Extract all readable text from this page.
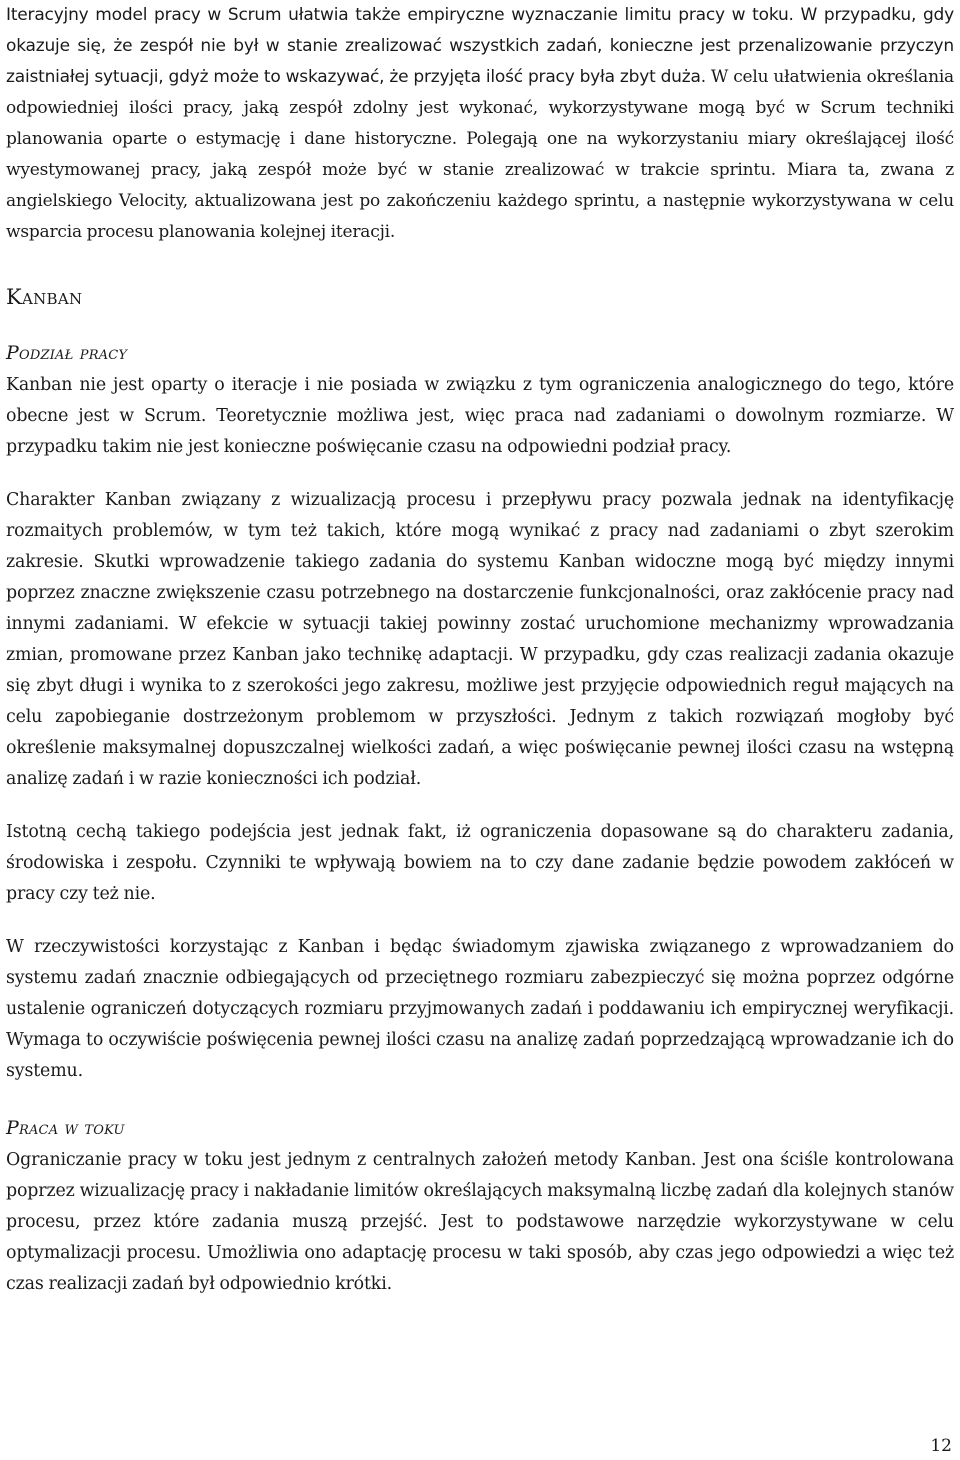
Iteracyjny model pracy w Scrum ułatwia także empiryczne wyznaczanie limitu pracy w toku. W przypadku, gdy okazuje się, że zespół nie był w stanie zrealizować wszystkich zadań, konieczne jest przenalizowanie przyczyn zaistniałej sytuacji, gdyż może to wskazywać, że przyjęta ilość pracy była zbyt duża. W celu ułatwienia określania odpowiedniej ilości pracy, jaką zespół zdolny jest wykonać, wykorzystywane mogą być w Scrum techniki planowania oparte o estymację i dane historyczne. Polegają one na wykorzystaniu miary określającej ilość wyestymowanej pracy, jaką zespół może być w stanie zrealizować w trakcie sprintu. Miara ta, zwana z angielskiego Velocity, aktualizowana jest po zakończeniu każdego sprintu, a następnie wykorzystywana w celu wsparcia procesu planowania kolejnej iteracji.

Kanban
Podział pracy

Kanban nie jest oparty o iteracje i nie posiada w związku z tym ograniczenia analogicznego do tego, które obecne jest w Scrum. Teoretycznie możliwa jest, więc praca nad zadaniami o dowolnym rozmiarze. W przypadku takim nie jest konieczne poświęcanie czasu na odpowiedni podział pracy.

Charakter Kanban związany z wizualizacją procesu i przepływu pracy pozwala jednak na identyfikację rozmaitych problemów, w tym też takich, które mogą wynikać z pracy nad zadaniami o zbyt szerokim zakresie. Skutki wprowadzenie takiego zadania do systemu Kanban widoczne mogą być między innymi poprzez znaczne zwiększenie czasu potrzebnego na dostarczenie funkcjonalności, oraz zakłócenie pracy nad innymi zadaniami. W efekcie w sytuacji takiej powinny zostać uruchomione mechanizmy wprowadzania zmian, promowane przez Kanban jako technikę adaptacji. W przypadku, gdy czas realizacji zadania okazuje się zbyt długi i wynika to z szerokości jego zakresu, możliwe jest przyjęcie odpowiednich reguł mających na celu zapobieganie dostrzeżonym problemom w przyszłości. Jednym z takich rozwiązań mogłoby być określenie maksymalnej dopuszczalnej wielkości zadań, a więc poświęcanie pewnej ilości czasu na wstępną analizę zadań i w razie konieczności ich podział.

Istotną cechą takiego podejścia jest jednak fakt, iż ograniczenia dopasowane są do charakteru zadania, środowiska i zespołu. Czynniki te wpływają bowiem na to czy dane zadanie będzie powodem zakłóceń w pracy czy też nie.

W rzeczywistości korzystając z Kanban i będąc świadomym zjawiska związanego z wprowadzaniem do systemu zadań znacznie odbiegających od przeciętnego rozmiaru zabezpieczyć się można poprzez odgórne ustalenie ograniczeń dotyczących rozmiaru przyjmowanych zadań i poddawaniu ich empirycznej weryfikacji. Wymaga to oczywiście poświęcenia pewnej ilości czasu na analizę zadań poprzedzającą wprowadzanie ich do systemu.

Praca w toku

Ograniczanie pracy w toku jest jednym z centralnych założeń metody Kanban. Jest ona ściśle kontrolowana poprzez wizualizację pracy i nakładanie limitów określających maksymalną liczbę zadań dla kolejnych stanów procesu, przez które zadania muszą przejść. Jest to podstawowe narzędzie wykorzystywane w celu optymalizacji procesu. Umożliwia ono adaptację procesu w taki sposób, aby czas jego odpowiedzi a więc też czas realizacji zadań był odpowiednio krótki.

12
